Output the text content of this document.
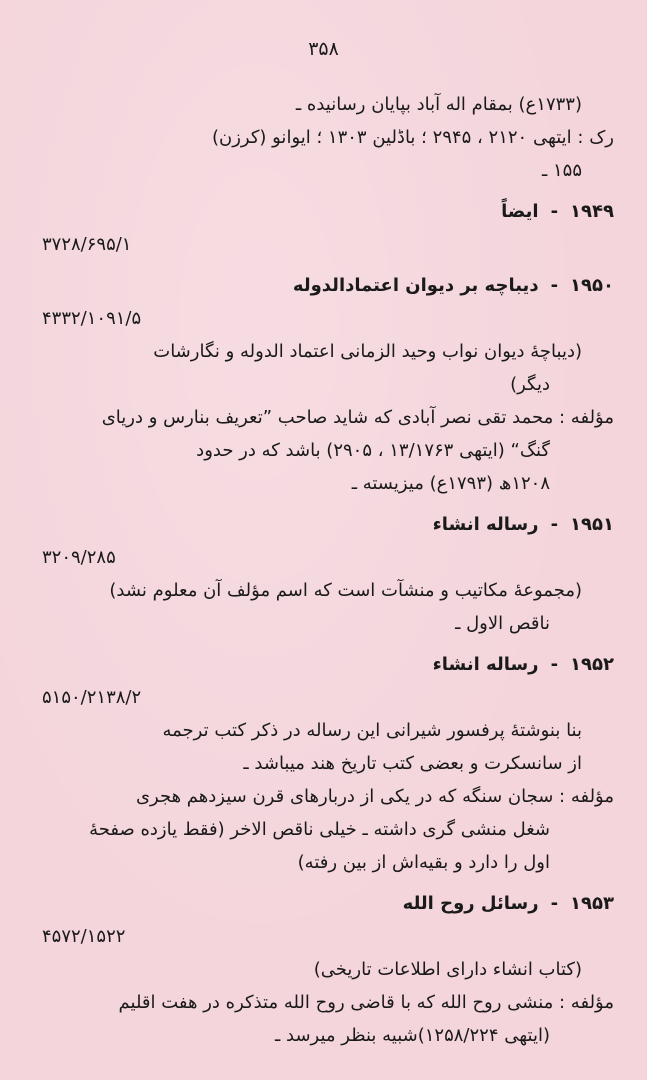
۳۵۸
(۱۷۳۳ع) بمقام اله آباد بپایان رسانیده ـ
رک : ایتهی ۲۱۲۰ ، ۲۹۴۵ ؛ باڈلین ۱۳۰۳ ؛ ایوانو (کرزن)
۱۵۵ ـ
۱۹۴۹
-
ایضاً
۳۷۲۸/۶۹۵/۱
۱۹۵۰
-
دیباچه بر دیوان اعتمادالدوله
۴۳۳۲/۱۰۹۱/۵
(دیباچهٔ دیوان نواب وحید الزمانی اعتماد الدوله و نگارشات
دیگر)
مؤلفه : محمد تقی نصر آبادی که شاید صاحب ”تعریف بنارس و دریای
گنگ“ (ایتهی ۱۳/۱۷۶۳ ، ۲۹۰۵) باشد که در حدود
۱۲۰۸ھ (۱۷۹۳ع) میزیسته ـ
۱۹۵۱
-
رساله انشاء
۳۲۰۹/۲۸۵
(مجموعهٔ مکاتیب و منشآت است که اسم مؤلف آن معلوم نشد)
ناقص الاول ـ
۱۹۵۲
-
رساله انشاء
۵۱۵۰/۲۱۳۸/۲
بنا بنوشتهٔ پرفسور شیرانی این رساله در ذکر کتب ترجمه
از سانسکرت و بعضی کتب تاریخ هند میباشد ـ
مؤلفه : سجان سنگه که در یکی از دربارهای قرن سیزدهم هجری
شغل منشی گری داشته ـ خیلی ناقص الاخر (فقط یازده صفحهٔ
اول را دارد و بقیه‌اش از بین رفته)
۱۹۵۳
-
رسائل روح الله
۴۵۷۲/۱۵۲۲
(کتاب انشاء دارای اطلاعات تاریخی)
مؤلفه : منشی روح الله که با قاضی روح الله متذکره در هفت اقلیم
(ایتهی ۱۲۵۸/۲۲۴)شبیه بنظر میرسد ـ
